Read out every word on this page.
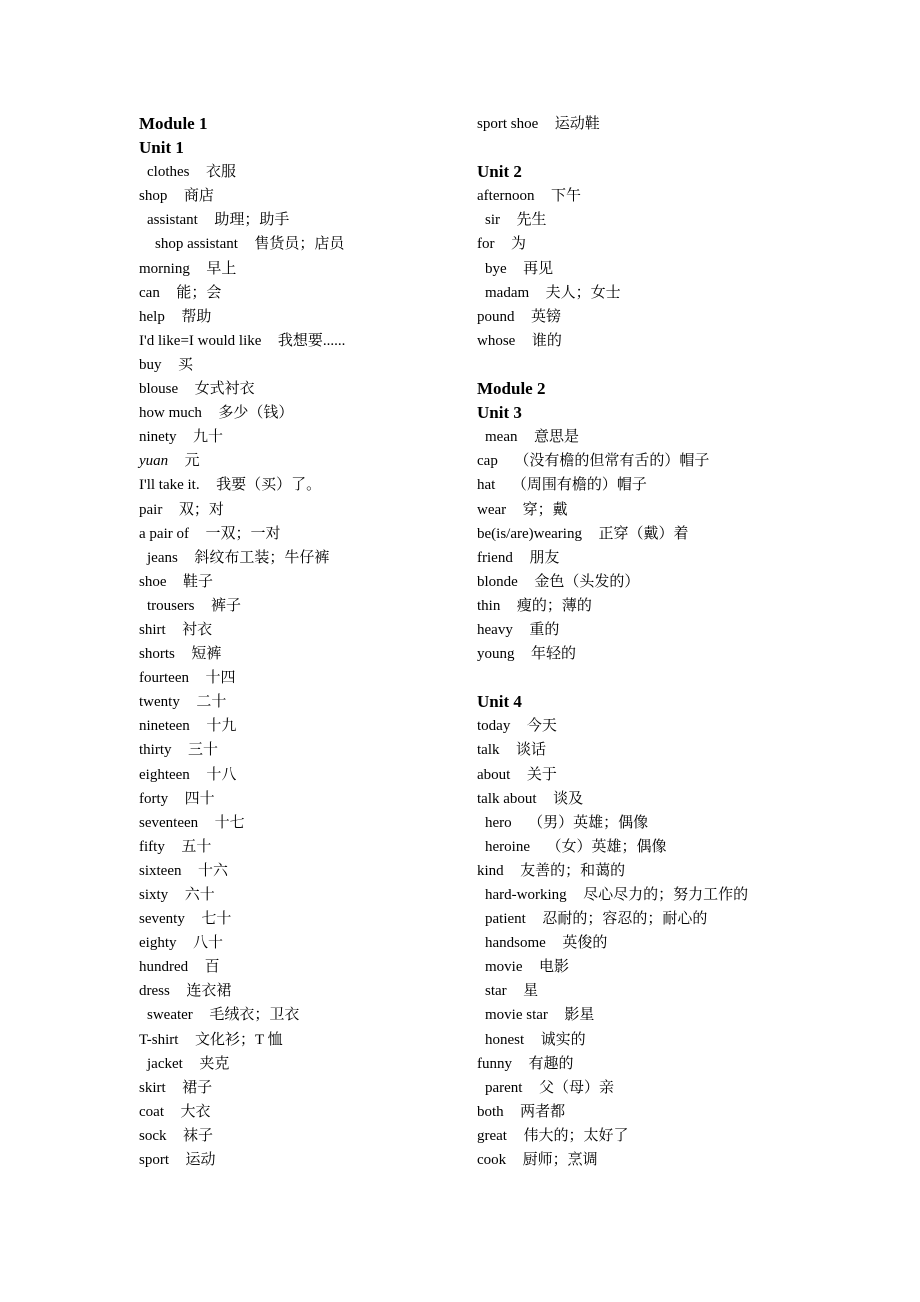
Module 1
Unit 1
clothes 衣服
shop 商店
assistant 助理；助手
shop assistant 售货员；店员
morning 早上
can 能；会
help 帮助
I'd like=I would like 我想要......
buy 买
blouse 女式衬衣
how much 多少（钱）
ninety 九十
yuan 元
I'll take it. 我要（买）了。
pair 双；对
a pair of 一双；一对
jeans 斜纹布工装；牛仔裤
shoe 鞋子
trousers 裤子
shirt 衬衣
shorts 短裤
fourteen 十四
twenty 二十
nineteen 十九
thirty 三十
eighteen 十八
forty 四十
seventeen 十七
fifty 五十
sixteen 十六
sixty 六十
seventy 七十
eighty 八十
hundred 百
dress 连衣裙
sweater 毛绒衣；卫衣
T-shirt 文化衫；T 恤
jacket 夹克
skirt 裙子
coat 大衣
sock 袜子
sport 运动
sport shoe 运动鞋
Unit 2
afternoon 下午
sir 先生
for 为
bye 再见
madam 夫人；女士
pound 英镑
whose 谁的
Module 2
Unit 3
mean 意思是
cap （没有檐的但常有舌的）帽子
hat （周围有檐的）帽子
wear 穿；戴
be(is/are)wearing 正穿（戴）着
friend 朋友
blonde 金色（头发的）
thin 瘦的；薄的
heavy 重的
young 年轻的
Unit 4
today 今天
talk 谈话
about 关于
talk about 谈及
hero （男）英雄；偶像
heroine （女）英雄；偶像
kind 友善的；和蔼的
hard-working 尽心尽力的；努力工作的
patient 忍耐的；容忍的；耐心的
handsome 英俊的
movie 电影
star 星
movie star 影星
honest 诚实的
funny 有趣的
parent 父（母）亲
both 两者都
great 伟大的；太好了
cook 厨师；烹调
